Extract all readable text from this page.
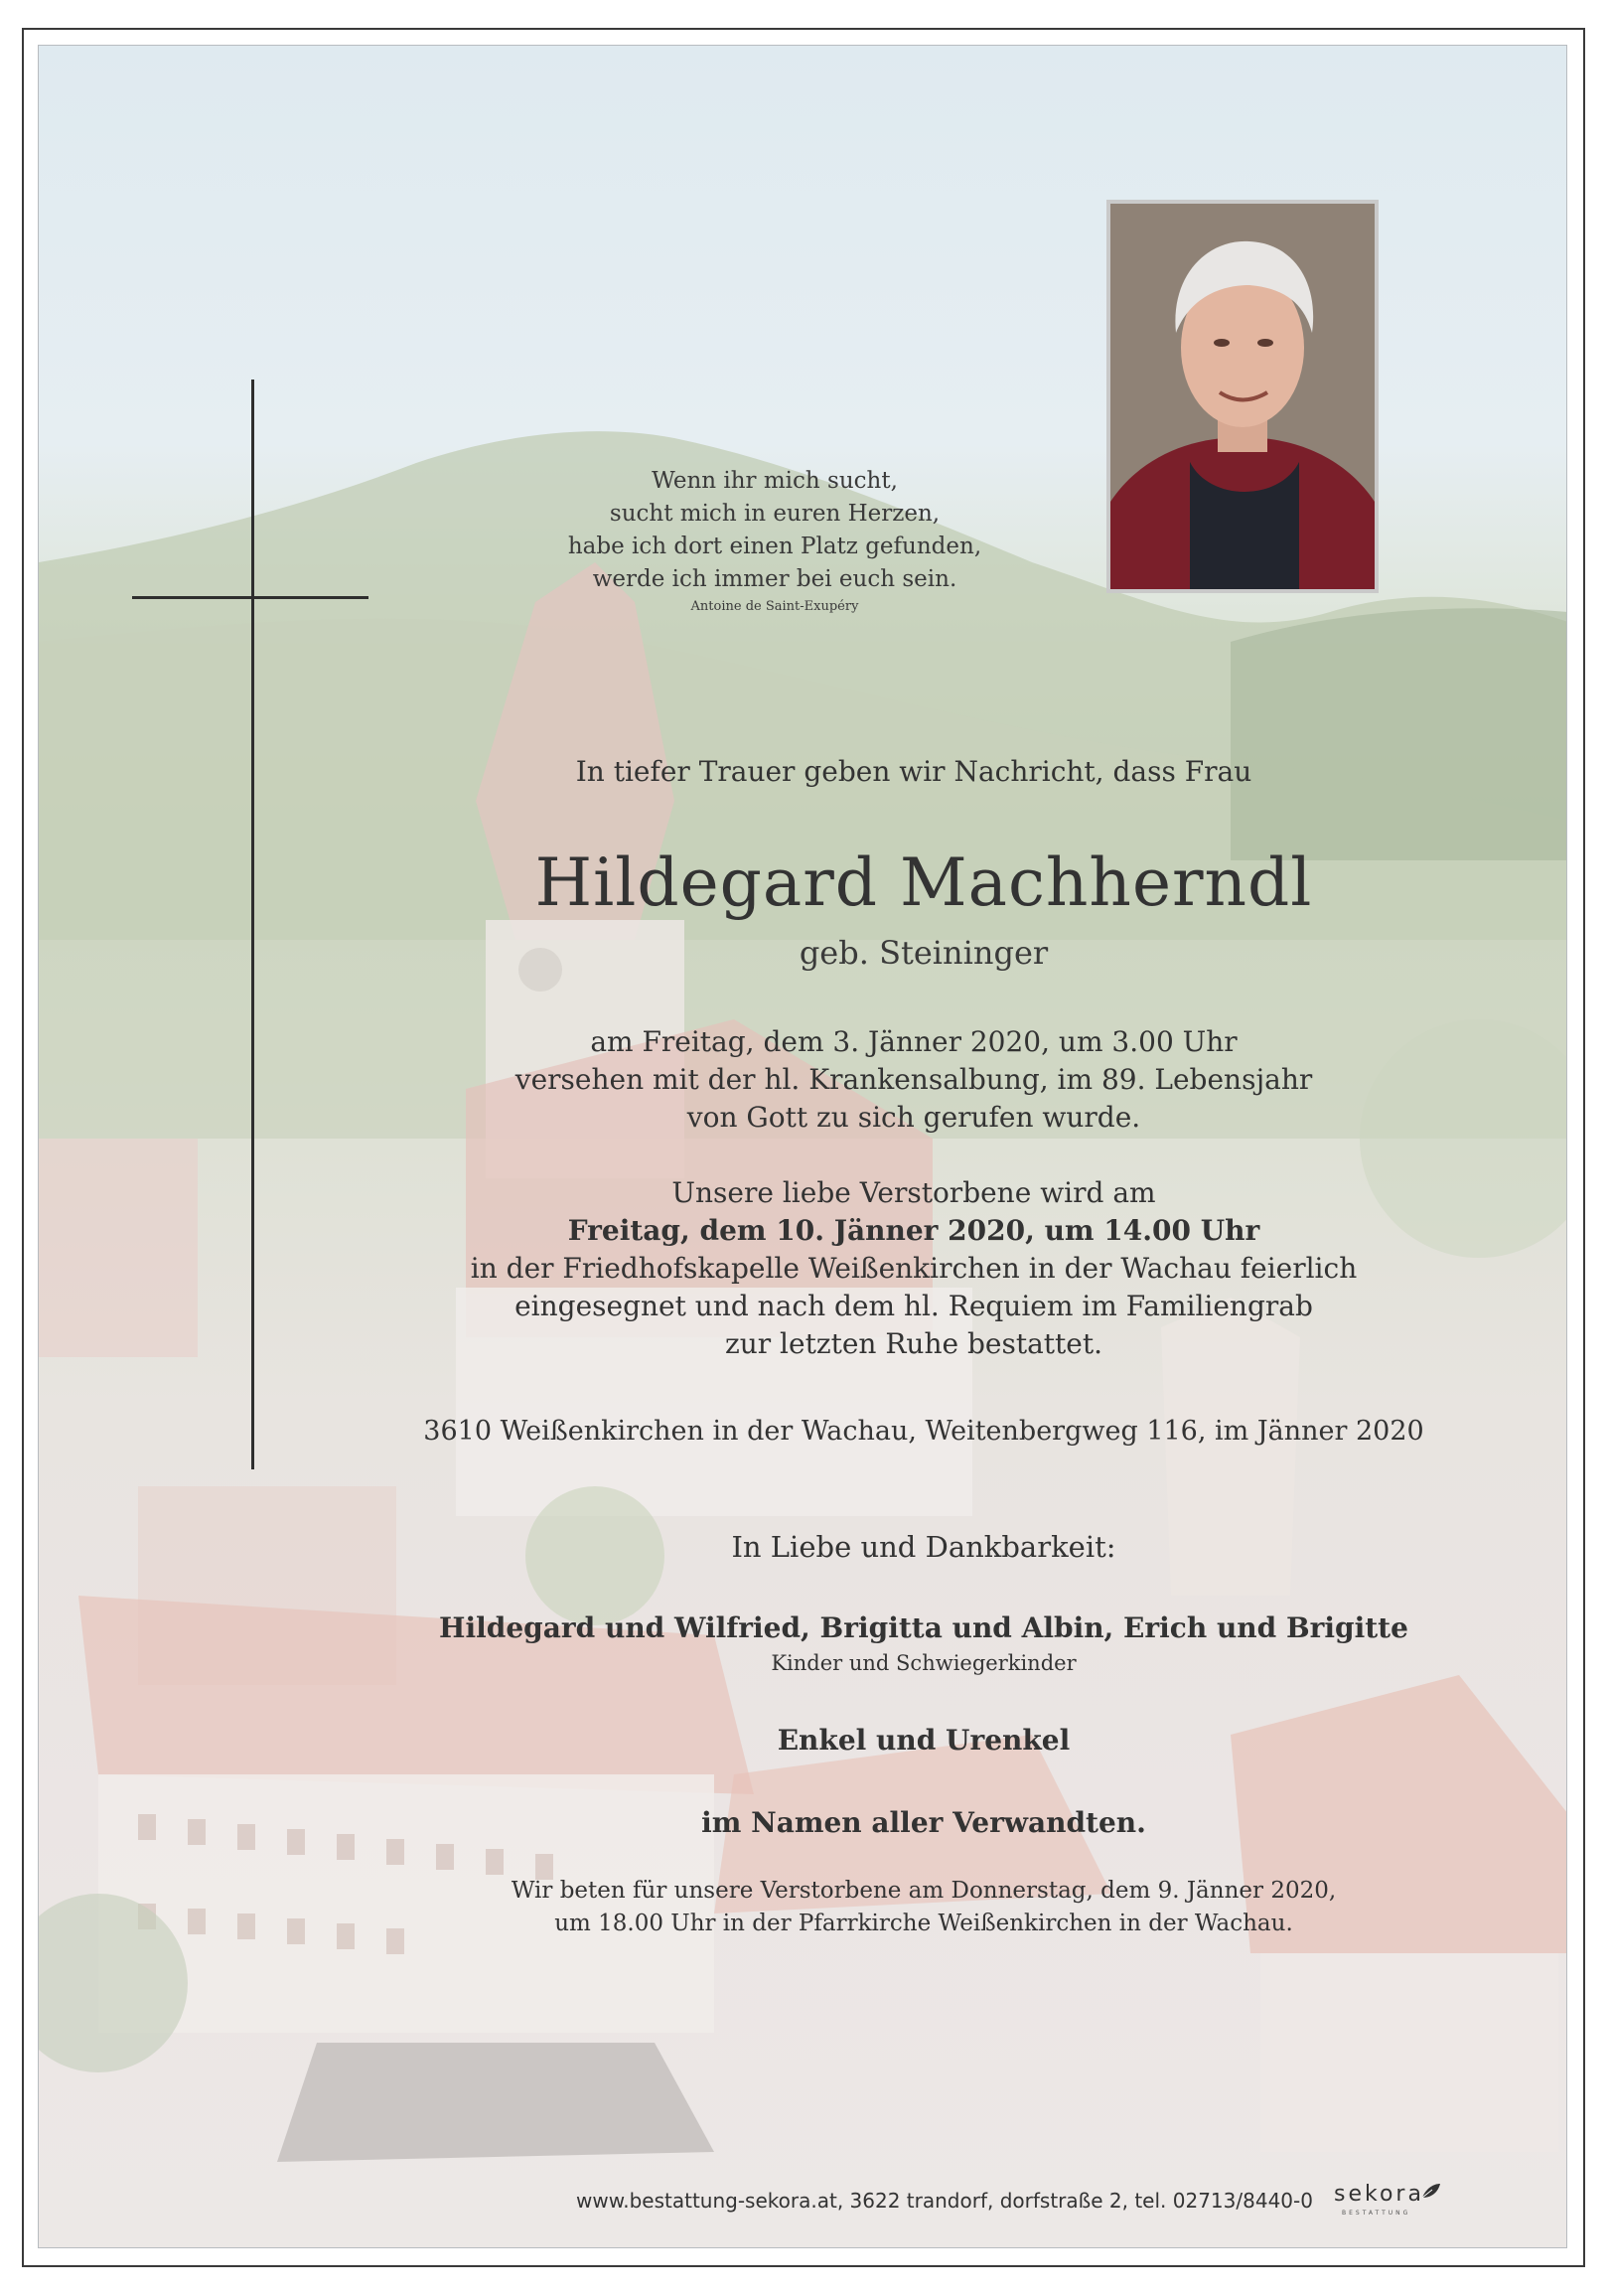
Wenn ihr mich sucht,
sucht mich in euren Herzen,
habe ich dort einen Platz gefunden,
werde ich immer bei euch sein.
Antoine de Saint-Exupéry
In tiefer Trauer geben wir Nachricht, dass Frau
Hildegard Machherndl
geb. Steininger
am Freitag, dem 3. Jänner 2020, um 3.00 Uhr
versehen mit der hl. Krankensalbung, im 89. Lebensjahr
von Gott zu sich gerufen wurde.
Unsere liebe Verstorbene wird am
Freitag, dem 10. Jänner 2020, um 14.00 Uhr
in der Friedhofskapelle Weißenkirchen in der Wachau feierlich
eingesegnet und nach dem hl. Requiem im Familiengrab
zur letzten Ruhe bestattet.
3610 Weißenkirchen in der Wachau, Weitenbergweg 116, im Jänner 2020
In Liebe und Dankbarkeit:
Hildegard und Wilfried, Brigitta und Albin, Erich und Brigitte
Kinder und Schwiegerkinder
Enkel und Urenkel
im Namen aller Verwandten.
Wir beten für unsere Verstorbene am Donnerstag, dem 9. Jänner 2020,
um 18.00 Uhr in der Pfarrkirche Weißenkirchen in der Wachau.
www.bestattung-sekora.at, 3622 trandorf, dorfstraße 2, tel. 02713/8440-0 sekora
BESTATTUNG
